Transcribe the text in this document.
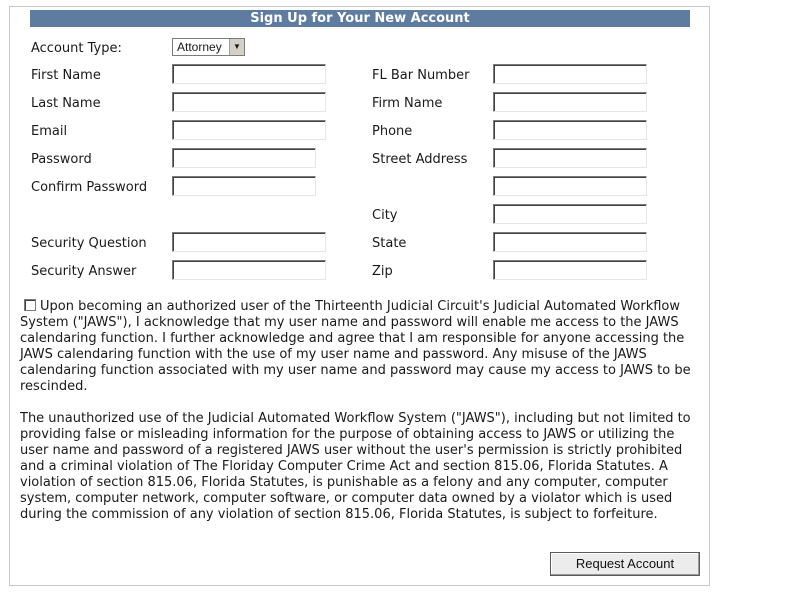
Sign Up for Your New Account
Account Type:	Attorney	▼
First Name
Last Name
Email
Password
Confirm Password
Security Question
Security Answer
FL Bar Number
Firm Name
Phone
Street Address
City
State
Zip
Upon becoming an authorized user of the Thirteenth Judicial Circuit's Judicial Automated Workflow System ("JAWS"), I acknowledge that my user name and password will enable me access to the JAWS calendaring function. I further acknowledge and agree that I am responsible for anyone accessing the JAWS calendaring function with the use of my user name and password. Any misuse of the JAWS calendaring function associated with my user name and password may cause my access to JAWS to be rescinded.
The unauthorized use of the Judicial Automated Workflow System ("JAWS"), including but not limited to providing false or misleading information for the purpose of obtaining access to JAWS or utilizing the user name and password of a registered JAWS user without the user's permission is strictly prohibited and a criminal violation of The Floriday Computer Crime Act and section 815.06, Florida Statutes. A violation of section 815.06, Florida Statutes, is punishable as a felony and any computer, computer system, computer network, computer software, or computer data owned by a violator which is used during the commission of any violation of section 815.06, Florida Statutes, is subject to forfeiture.
Request Account
